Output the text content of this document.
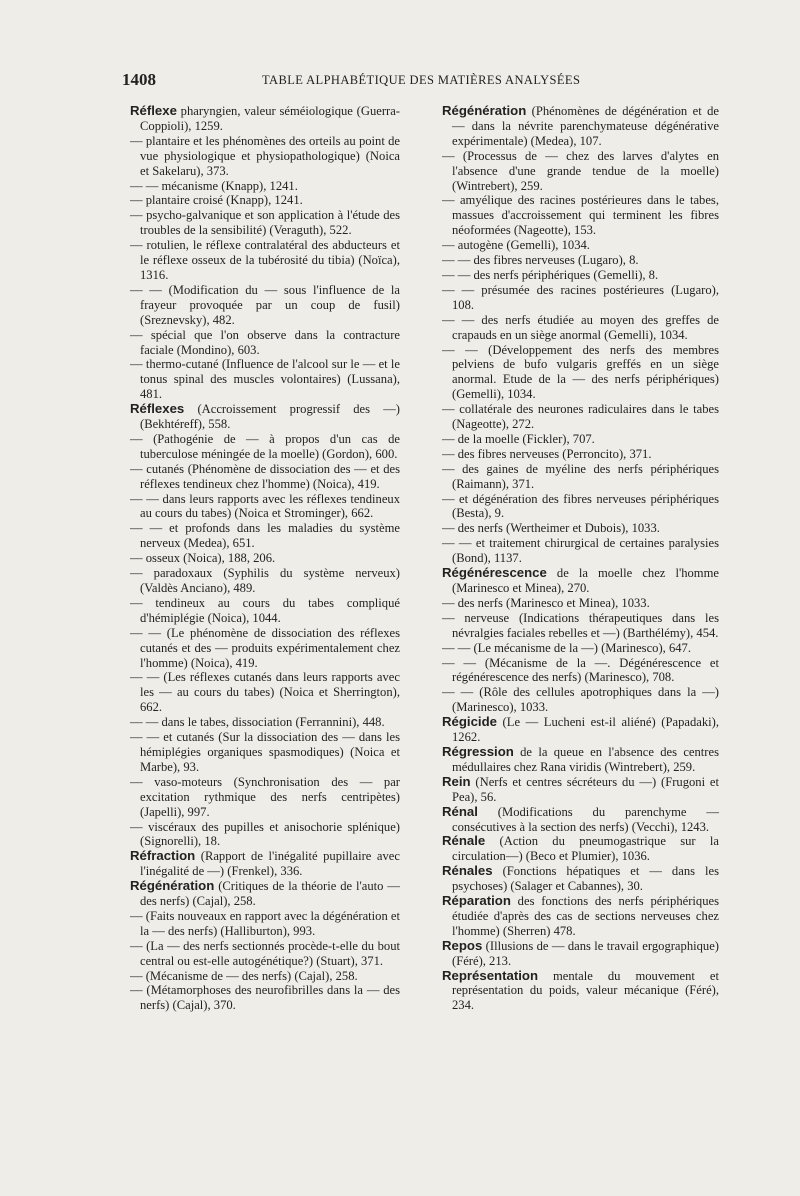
1408	TABLE ALPHABÉTIQUE DES MATIÈRES ANALYSÉES

Réflexe pharyngien, valeur séméiologique (Guerra-Coppioli), 1259.

— plantaire et les phénomènes des orteils au point de vue physiologique et physiopathologique) (Noica et Sakelaru), 373.

— — mécanisme (Knapp), 1241.

— plantaire croisé (Knapp), 1241.

— psycho-galvanique et son application à l'étude des troubles de la sensibilité) (Veraguth), 522.

— rotulien, le réflexe contralatéral des abducteurs et le réflexe osseux de la tubérosité du tibia) (Noïca), 1316.

— — (Modification du — sous l'influence de la frayeur provoquée par un coup de fusil) (Sreznevsky), 482.

— spécial que l'on observe dans la contracture faciale (Mondino), 603.

— thermo-cutané (Influence de l'alcool sur le — et le tonus spinal des muscles volontaires) (Lussana), 481.

Réflexes (Accroissement progressif des —) (Bekhtéreff), 558.

— (Pathogénie de — à propos d'un cas de tuberculose méningée de la moelle) (Gordon), 600.

— cutanés (Phénomène de dissociation des — et des réflexes tendineux chez l'homme) (Noica), 419.

— — dans leurs rapports avec les réflexes tendineux au cours du tabes) (Noica et Strominger), 662.

— — et profonds dans les maladies du système nerveux (Medea), 651.

— osseux (Noica), 188, 206.

— paradoxaux (Syphilis du système nerveux) (Valdès Anciano), 489.

— tendineux au cours du tabes compliqué d'hémiplégie (Noica), 1044.

— — (Le phénomène de dissociation des réflexes cutanés et des — produits expérimentalement chez l'homme) (Noica), 419.

— — (Les réflexes cutanés dans leurs rapports avec les — au cours du tabes) (Noica et Sherrington), 662.

— — dans le tabes, dissociation (Ferrannini), 448.

— — et cutanés (Sur la dissociation des — dans les hémiplégies organiques spasmodiques) (Noica et Marbe), 93.

— vaso-moteurs (Synchronisation des — par excitation rythmique des nerfs centripètes) (Japelli), 997.

— viscéraux des pupilles et anisochorie splénique) (Signorelli), 18.

Réfraction (Rapport de l'inégalité pupillaire avec l'inégalité de —) (Frenkel), 336.

Régénération (Critiques de la théorie de l'auto — des nerfs) (Cajal), 258.

— (Faits nouveaux en rapport avec la dégénération et la — des nerfs) (Halliburton), 993.

— (La — des nerfs sectionnés procède-t-elle du bout central ou est-elle autogénétique?) (Stuart), 371.

— (Mécanisme de — des nerfs) (Cajal), 258.

— (Métamorphoses des neurofibrilles dans la — des nerfs) (Cajal), 370.

Régénération (Phénomènes de dégénération et de — dans la névrite parenchymateuse dégénérative expérimentale) (Medea), 107.

— (Processus de — chez des larves d'alytes en l'absence d'une grande tendue de la moelle) (Wintrebert), 259.

— amyélique des racines postérieures dans le tabes, massues d'accroissement qui terminent les fibres néoformées (Nageotte), 153.

— autogène (Gemelli), 1034.

— — des fibres nerveuses (Lugaro), 8.

— — des nerfs périphériques (Gemelli), 8.

— — présumée des racines postérieures (Lugaro), 108.

— — des nerfs étudiée au moyen des greffes de crapauds en un siège anormal (Gemelli), 1034.

— — (Développement des nerfs des membres pelviens de bufo vulgaris greffés en un siège anormal. Etude de la — des nerfs périphériques) (Gemelli), 1034.

— collatérale des neurones radiculaires dans le tabes (Nageotte), 272.

— de la moelle (Fickler), 707.

— des fibres nerveuses (Perroncito), 371.

— des gaines de myéline des nerfs périphériques (Raimann), 371.

— et dégénération des fibres nerveuses périphériques (Besta), 9.

— des nerfs (Wertheimer et Dubois), 1033.

— — et traitement chirurgical de certaines paralysies (Bond), 1137.

Régénérescence de la moelle chez l'homme (Marinesco et Minea), 270.

— des nerfs (Marinesco et Minea), 1033.

— nerveuse (Indications thérapeutiques dans les névralgies faciales rebelles et —) (Barthélémy), 454.

— — (Le mécanisme de la —) (Marinesco), 647.

— — (Mécanisme de la —. Dégénérescence et régénérescence des nerfs) (Marinesco), 708.

— — (Rôle des cellules apotrophiques dans la —) (Marinesco), 1033.

Régicide (Le — Lucheni est-il aliéné) (Papadaki), 1262.

Régression de la queue en l'absence des centres médullaires chez Rana viridis (Wintrebert), 259.

Rein (Nerfs et centres sécréteurs du —) (Frugoni et Pea), 56.

Rénal (Modifications du parenchyme — consécutives à la section des nerfs) (Vecchi), 1243.

Rénale (Action du pneumogastrique sur la circulation—) (Beco et Plumier), 1036.

Rénales (Fonctions hépatiques et — dans les psychoses) (Salager et Cabannes), 30.

Réparation des fonctions des nerfs périphériques étudiée d'après des cas de sections nerveuses chez l'homme) (Sherren) 478.

Repos (Illusions de — dans le travail ergographique) (Féré), 213.

Représentation mentale du mouvement et représentation du poids, valeur mécanique (Féré), 234.
